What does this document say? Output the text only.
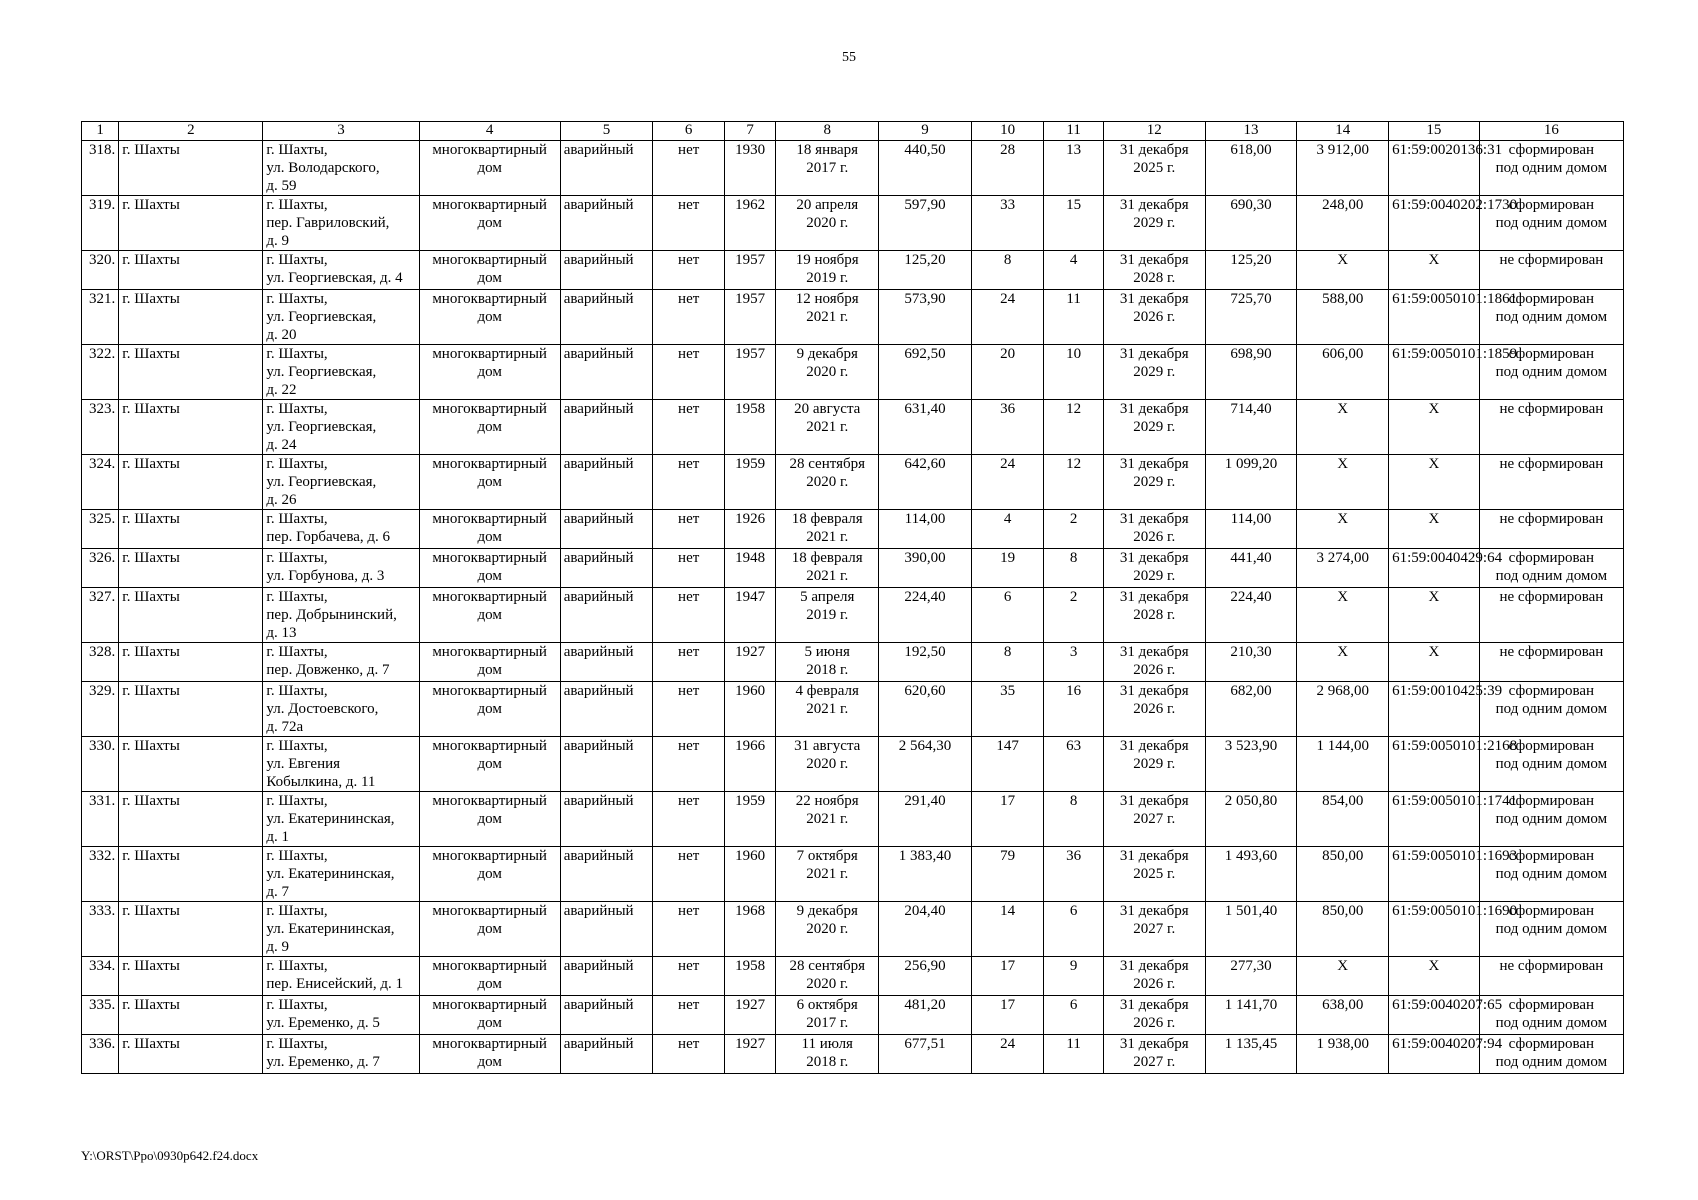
55
1	2	3	4	5	6	7	8	9	10	11	12	13	14	15	16
318.	г. Шахты	г. Шахты,
ул. Володарского,
д. 59	многоквартирный
дом	аварийный	нет	1930	18 января
2017 г.	440,50	28	13	31 декабря
2025 г.	618,00	3 912,00	61:59:0020136:31	сформирован
под одним домом

319.	г. Шахты	г. Шахты,
пер. Гавриловский,
д. 9	многоквартирный
дом	аварийный	нет	1962	20 апреля
2020 г.	597,90	33	15	31 декабря
2029 г.	690,30	248,00	61:59:0040202:1730	сформирован
под одним домом

320.	г. Шахты	г. Шахты,
ул. Георгиевская, д. 4	многоквартирный
дом	аварийный	нет	1957	19 ноября
2019 г.	125,20	8	4	31 декабря
2028 г.	125,20	Х	Х	не сформирован

321.	г. Шахты	г. Шахты,
ул. Георгиевская,
д. 20	многоквартирный
дом	аварийный	нет	1957	12 ноября
2021 г.	573,90	24	11	31 декабря
2026 г.	725,70	588,00	61:59:0050101:1861	сформирован
под одним домом

322.	г. Шахты	г. Шахты,
ул. Георгиевская,
д. 22	многоквартирный
дом	аварийный	нет	1957	9 декабря
2020 г.	692,50	20	10	31 декабря
2029 г.	698,90	606,00	61:59:0050101:1859	сформирован
под одним домом

323.	г. Шахты	г. Шахты,
ул. Георгиевская,
д. 24	многоквартирный
дом	аварийный	нет	1958	20 августа
2021 г.	631,40	36	12	31 декабря
2029 г.	714,40	Х	Х	не сформирован

324.	г. Шахты	г. Шахты,
ул. Георгиевская,
д. 26	многоквартирный
дом	аварийный	нет	1959	28 сентября
2020 г.	642,60	24	12	31 декабря
2029 г.	1 099,20	Х	Х	не сформирован

325.	г. Шахты	г. Шахты,
пер. Горбачева, д. 6	многоквартирный
дом	аварийный	нет	1926	18 февраля
2021 г.	114,00	4	2	31 декабря
2026 г.	114,00	Х	Х	не сформирован

326.	г. Шахты	г. Шахты,
ул. Горбунова, д. 3	многоквартирный
дом	аварийный	нет	1948	18 февраля
2021 г.	390,00	19	8	31 декабря
2029 г.	441,40	3 274,00	61:59:0040429:64	сформирован
под одним домом

327.	г. Шахты	г. Шахты,
пер. Добрынинский,
д. 13	многоквартирный
дом	аварийный	нет	1947	5 апреля
2019 г.	224,40	6	2	31 декабря
2028 г.	224,40	Х	Х	не сформирован

328.	г. Шахты	г. Шахты,
пер. Довженко, д. 7	многоквартирный
дом	аварийный	нет	1927	5 июня
2018 г.	192,50	8	3	31 декабря
2026 г.	210,30	Х	Х	не сформирован

329.	г. Шахты	г. Шахты,
ул. Достоевского,
д. 72а	многоквартирный
дом	аварийный	нет	1960	4 февраля
2021 г.	620,60	35	16	31 декабря
2026 г.	682,00	2 968,00	61:59:0010425:39	сформирован
под одним домом

330.	г. Шахты	г. Шахты,
ул. Евгения
Кобылкина, д. 11	многоквартирный
дом	аварийный	нет	1966	31 августа
2020 г.	2 564,30	147	63	31 декабря
2029 г.	3 523,90	1 144,00	61:59:0050101:2168	сформирован
под одним домом

331.	г. Шахты	г. Шахты,
ул. Екатерининская,
д. 1	многоквартирный
дом	аварийный	нет	1959	22 ноября
2021 г.	291,40	17	8	31 декабря
2027 г.	2 050,80	854,00	61:59:0050101:1741	сформирован
под одним домом

332.	г. Шахты	г. Шахты,
ул. Екатерининская,
д. 7	многоквартирный
дом	аварийный	нет	1960	7 октября
2021 г.	1 383,40	79	36	31 декабря
2025 г.	1 493,60	850,00	61:59:0050101:1693	сформирован
под одним домом

333.	г. Шахты	г. Шахты,
ул. Екатерининская,
д. 9	многоквартирный
дом	аварийный	нет	1968	9 декабря
2020 г.	204,40	14	6	31 декабря
2027 г.	1 501,40	850,00	61:59:0050101:1690	сформирован
под одним домом

334.	г. Шахты	г. Шахты,
пер. Енисейский, д. 1	многоквартирный
дом	аварийный	нет	1958	28 сентября
2020 г.	256,90	17	9	31 декабря
2026 г.	277,30	Х	Х	не сформирован

335.	г. Шахты	г. Шахты,
ул. Еременко, д. 5	многоквартирный
дом	аварийный	нет	1927	6 октября
2017 г.	481,20	17	6	31 декабря
2026 г.	1 141,70	638,00	61:59:0040207:65	сформирован
под одним домом

336.	г. Шахты	г. Шахты,
ул. Еременко, д. 7	многоквартирный
дом	аварийный	нет	1927	11 июля
2018 г.	677,51	24	11	31 декабря
2027 г.	1 135,45	1 938,00	61:59:0040207:94	сформирован
под одним домом
Y:\ORST\Ppo\0930p642.f24.docx
